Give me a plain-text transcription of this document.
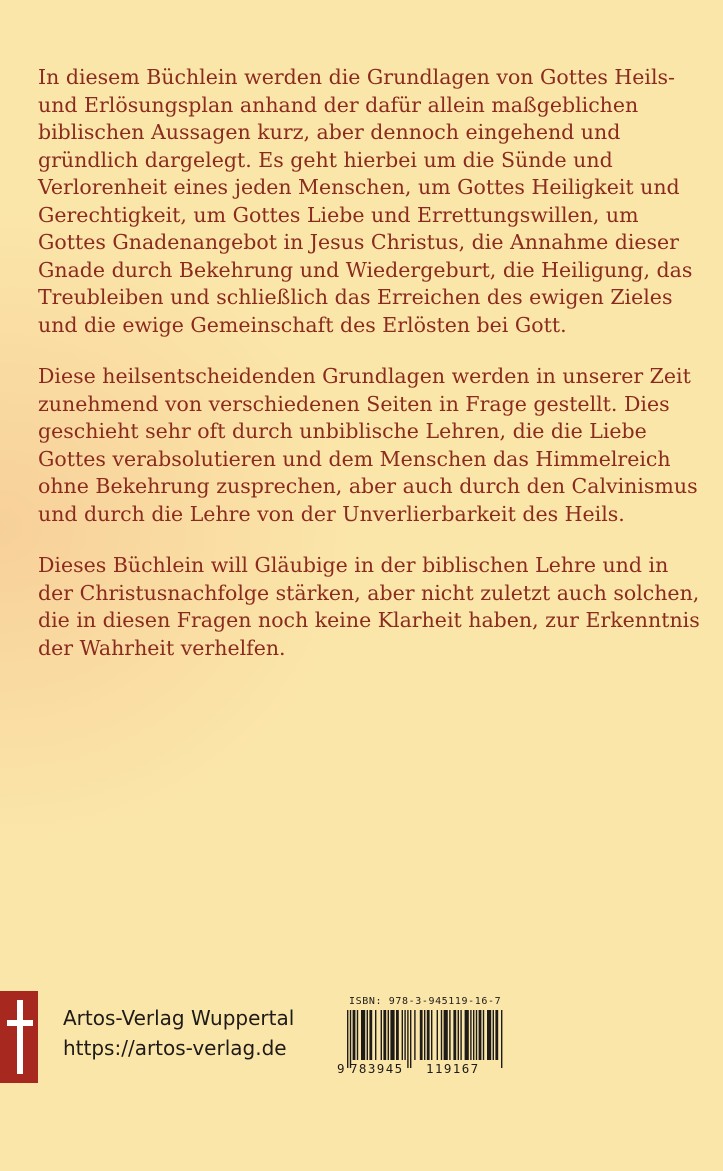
In diesem Büchlein werden die Grundlagen von Gottes Heils- und Erlösungsplan anhand der dafür allein maßgeblichen biblischen Aussagen kurz, aber dennoch eingehend und gründlich dargelegt. Es geht hierbei um die Sünde und Verlorenheit eines jeden Menschen, um Gottes Heiligkeit und Gerechtigkeit, um Gottes Liebe und Errettungswillen, um Gottes Gnadenangebot in Jesus Christus, die Annahme dieser Gnade durch Bekehrung und Wiedergeburt, die Heiligung, das Treubleiben und schließlich das Erreichen des ewigen Zieles und die ewige Gemeinschaft des Erlösten bei Gott.

Diese heilsentscheidenden Grundlagen werden in unserer Zeit zunehmend von verschiedenen Seiten in Frage gestellt. Dies geschieht sehr oft durch unbiblische Lehren, die die Liebe Gottes verabsolutieren und dem Menschen das Himmelreich ohne Bekehrung zusprechen, aber auch durch den Calvinismus und durch die Lehre von der Unverlierbarkeit des Heils.

Dieses Büchlein will Gläubige in der biblischen Lehre und in der Christusnachfolge stärken, aber nicht zuletzt auch solchen, die in diesen Fragen noch keine Klarheit haben, zur Erkenntnis der Wahrheit verhelfen.

Artos-Verlag Wuppertal
https://artos-verlag.de
ISBN: 978-3-945119-16-7
9 783945 119167
